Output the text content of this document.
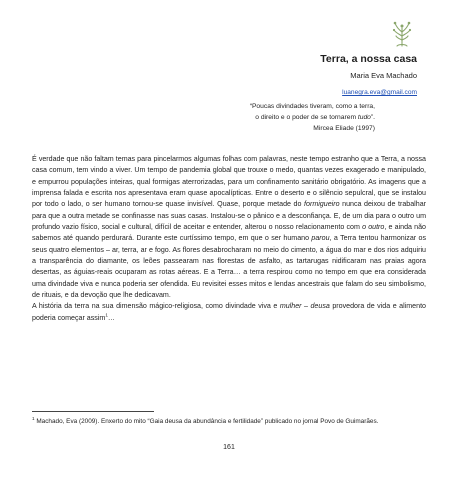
Terra, a nossa casa
Maria Eva Machado
luanegra.eva@gmail.com
“Poucas divindades tiveram, como a terra,
o direito e o poder de se tornarem tudo”.
Mircea Eliade (1997)

É verdade que não faltam temas para pincelarmos algumas folhas com palavras, neste tempo estranho que a Terra, a nossa casa comum, tem vindo a viver. Um tempo de pandemia global que trouxe o medo, quantas vezes exagerado e manipulado, e empurrou populações inteiras, qual formigas aterrorizadas, para um confinamento sanitário obrigatório. As imagens que a imprensa falada e escrita nos apresentava eram quase apocalípticas. Entre o deserto e o silêncio sepulcral, que se instalou por todo o lado, o ser humano tornou-se quase invisível. Quase, porque metade do formigueiro nunca deixou de trabalhar para que a outra metade se confinasse nas suas casas. Instalou-se o pânico e a desconfiança. E, de um dia para o outro um profundo vazio físico, social e cultural, difícil de aceitar e entender, alterou o nosso relacionamento com o outro, e ainda não sabemos até quando perdurará. Durante este curtíssimo tempo, em que o ser humano parou, a Terra tentou harmonizar os seus quatro elementos – ar, terra, ar e fogo. As flores desabrocharam no meio do cimento, a água do mar e dos rios adquiriu a transparência do diamante, os leões passearam nas florestas de asfalto, as tartarugas nidificaram nas praias agora desertas, as águias-reais ocuparam as rotas aéreas. E a Terra… a terra respirou como no tempo em que era considerada uma divindade viva e nunca poderia ser ofendida. Eu revisitei esses mitos e lendas ancestrais que falam do seu simbolismo, de rituais, e da devoção que lhe dedicavam.

A história da terra na sua dimensão mágico-religiosa, como divindade viva e mulher – deusa provedora de vida e alimento poderia começar assim$^1$…

$^1$ Machado, Eva (2009). Enxerto do mito “Gaia deusa da abundância e fertilidade” publicado no jornal Povo de Guimarães.
161
